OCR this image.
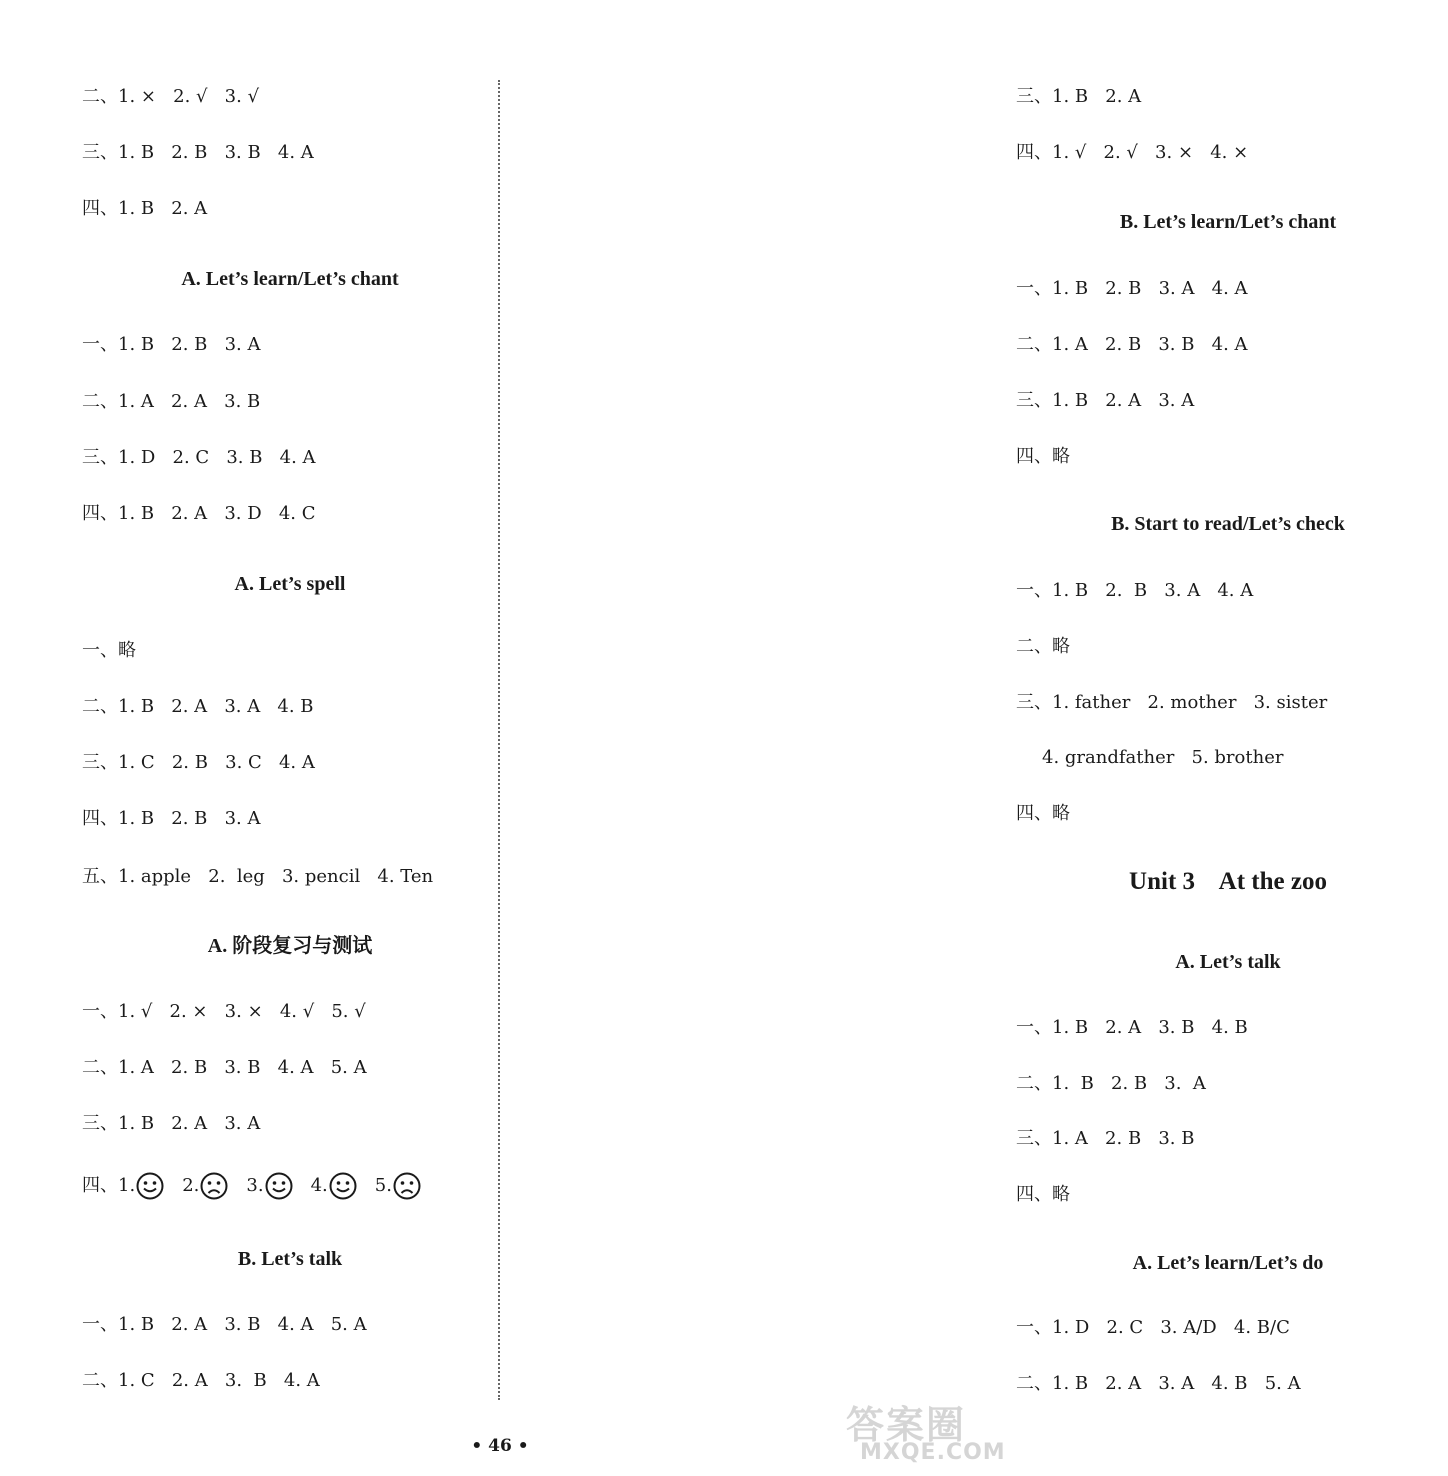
二、1. ×   2. √   3. √
三、1. B   2. B   3. B   4. A
四、1. B   2. A
A. Let’s learn/Let’s chant
一、1. B   2. B   3. A
二、1. A   2. A   3. B
三、1. D   2. C   3. B   4. A
四、1. B   2. A   3. D   4. C
A. Let’s spell
一、略
二、1. B   2. A   3. A   4. B
三、1. C   2. B   3. C   4. A
四、1. B   2. B   3. A
五、1. apple   2.  leg   3. pencil   4. Ten
A. 阶段复习与测试
一、1. √   2. ×   3. ×   4. √   5. √
二、1. A   2. B   3. B   4. A   5. A
三、1. B   2. A   3. A
四、 1.	2.	3.	4.	5.
B. Let’s talk
一、1. B   2. A   3. B   4. A   5. A
二、1. C   2. A   3.  B   4. A
三、1. B   2. A
四、1. √   2. √   3. ×   4. ×
B. Let’s learn/Let’s chant
一、1. B   2. B   3. A   4. A
二、1. A   2. B   3. B   4. A
三、1. B   2. A   3. A
四、略
B. Start to read/Let’s check
一、1. B   2.  B   3. A   4. A
二、略
三、1. father   2. mother   3. sister
4. grandfather   5. brother
四、略
Unit 3    At the zoo
A. Let’s talk
一、1. B   2. A   3. B   4. B
二、1.  B   2. B   3.  A
三、1. A   2. B   3. B
四、略
A. Let’s learn/Let’s do
一、1. D   2. C   3. A/D   4. B/C
二、1. B   2. A   3. A   4. B   5. A
• 46 •	答案圈
MXQE.COM
